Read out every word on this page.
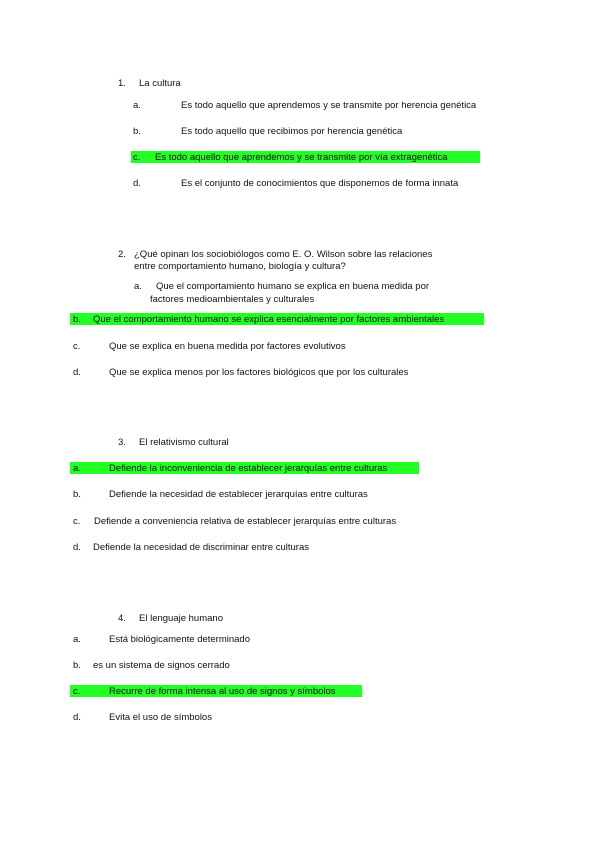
1. La cultura
a.	Es todo aquello que aprendemos y se transmite por herencia genética
b.	Es todo aquello que recibimos por herencia genética
c. Es todo aquello que aprendemos y se transmite por vía extragenética
d.	Es el conjunto de conocimientos que disponemos de forma innata
2. ¿Qué opinan los sociobiólogos como E. O. Wilson sobre las relaciones
entre comportamiento humano, biología y cultura?
a. Que el comportamiento humano se explica en buena medida por
factores medioambientales y culturales
b. Que el comportamiento humano se explica esencialmente por factores ambientales
c.	Que se explica en buena medida por factores evolutivos
d.	Que se explica menos por los factores biológicos que por los culturales
3. El relativismo cultural
a.	Defiende la inconveniencia de establecer jerarquías entre culturas
b.	Defiende la necesidad de establecer jerarquías entre culturas
c. Defiende a conveniencia relativa de establecer jerarquías entre culturas
d. Defiende la necesidad de discriminar entre culturas
4. El lenguaje humano
a.	Está biológicamente determinado
b. es un sistema de signos cerrado
c.	Recurre de forma intensa al uso de signos y símbolos
d.	Evita el uso de símbolos
